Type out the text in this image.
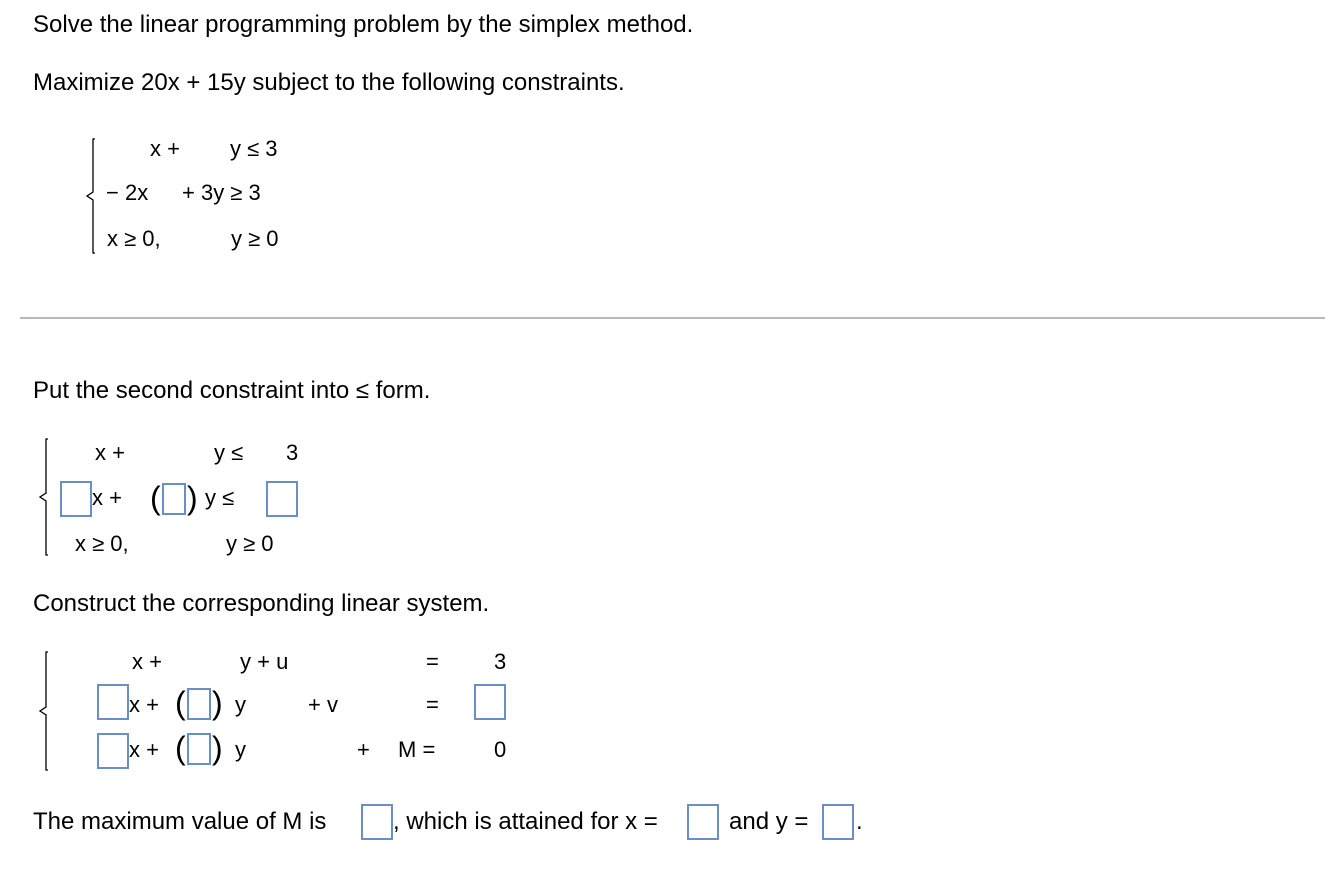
Solve the linear programming problem by the simplex method.
Maximize 20x + 15y subject to the following constraints.
x + y ≤ 3
− 2x + 3y ≥ 3
x ≥ 0,	y ≥ 0
Put the second constraint into ≤ form.
x +	y ≤ 3
x + ( ) y ≤
x ≥ 0,	y ≥ 0
Construct the corresponding linear system.
x +	y + u	=	3
x + ( ) y	+ v	=
x + ( ) y	+ M =	0
The maximum value of M is	, which is attained for x =	and y = .
